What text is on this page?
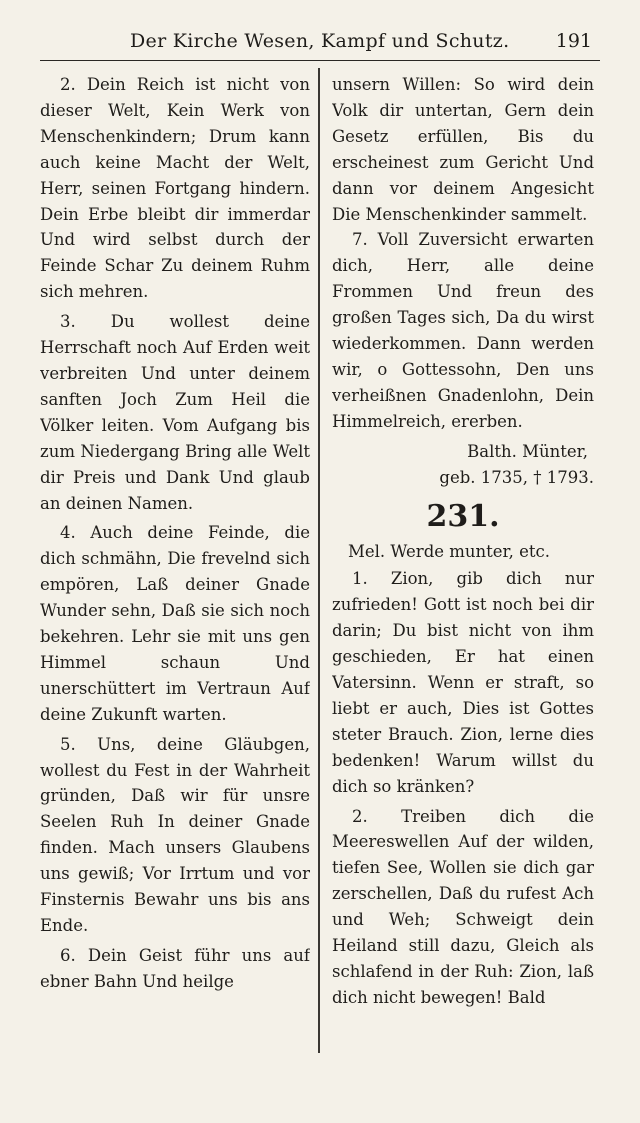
Der Kirche Wesen, Kampf und Schutz. 191

2. Dein Reich ist nicht von dieser Welt, Kein Werk von Menschenkindern; Drum kann auch keine Macht der Welt, Herr, seinen Fortgang hindern. Dein Erbe bleibt dir immerdar Und wird selbst durch der Feinde Schar Zu deinem Ruhm sich mehren.

3. Du wollest deine Herrschaft noch Auf Erden weit verbreiten Und unter deinem sanften Joch Zum Heil die Völker leiten. Vom Aufgang bis zum Niedergang Bring alle Welt dir Preis und Dank Und glaub an deinen Namen.

4. Auch deine Feinde, die dich schmähn, Die frevelnd sich empören, Laß deiner Gnade Wunder sehn, Daß sie sich noch bekehren. Lehr sie mit uns gen Himmel schaun Und unerschüttert im Vertraun Auf deine Zukunft warten.

5. Uns, deine Gläubgen, wollest du Fest in der Wahrheit gründen, Daß wir für unsre Seelen Ruh In deiner Gnade finden. Mach unsers Glaubens uns gewiß; Vor Irrtum und vor Finsternis Bewahr uns bis ans Ende.

6. Dein Geist führ uns auf ebner Bahn Und heilge

unsern Willen: So wird dein Volk dir untertan, Gern dein Gesetz erfüllen, Bis du erscheinest zum Gericht Und dann vor deinem Angesicht Die Menschenkinder sammelt.

7. Voll Zuversicht erwarten dich, Herr, alle deine Frommen Und freun des großen Tages sich, Da du wirst wiederkommen. Dann werden wir, o Gottessohn, Den uns verheißnen Gnadenlohn, Dein Himmelreich, ererben.

Balth. Münter,

geb. 1735, † 1793.

231.

Mel. Werde munter, etc.

1. Zion, gib dich nur zufrieden! Gott ist noch bei dir darin; Du bist nicht von ihm geschieden, Er hat einen Vatersinn. Wenn er straft, so liebt er auch, Dies ist Gottes steter Brauch. Zion, lerne dies bedenken! Warum willst du dich so kränken?

2. Treiben dich die Meereswellen Auf der wilden, tiefen See, Wollen sie dich gar zerschellen, Daß du rufest Ach und Weh; Schweigt dein Heiland still dazu, Gleich als schlafend in der Ruh: Zion, laß dich nicht bewegen! Bald
